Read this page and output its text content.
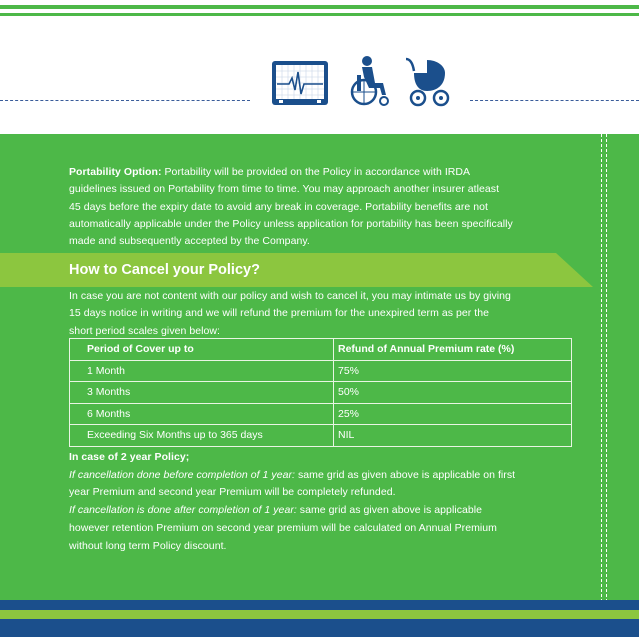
Portability Option: Portability will be provided on the Policy in accordance with IRDA
guidelines issued on Portability from time to time. You may approach another insurer atleast
45 days before the expiry date to avoid any break in coverage. Portability benefits are not
automatically applicable under the Policy unless application for portability has been specifically
made and subsequently accepted by the Company.
How to Cancel your Policy?
In case you are not content with our policy and wish to cancel it, you may intimate us by giving
15 days notice in writing and we will refund the premium for the unexpired term as per the
short period scales given below:
Period of Cover up to	Refund of Annual Premium rate (%)
1 Month	75%
3 Months	50%
6 Months	25%
Exceeding Six Months up to 365 days	NIL
In case of 2 year Policy;
If cancellation done before completion of 1 year: same grid as given above is applicable on first
year Premium and second year Premium will be completely refunded.
If cancellation is done after completion of 1 year: same grid as given above is applicable
however retention Premium on second year premium will be calculated on Annual Premium
without long term Policy discount.
